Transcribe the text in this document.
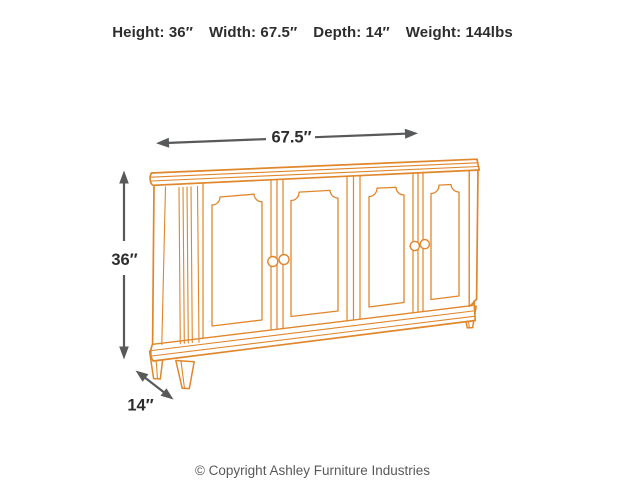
Height: 36″ Width: 67.5″ Depth: 14″ Weight: 144lbs
67.5″
36″
14″
© Copyright Ashley Furniture Industries
